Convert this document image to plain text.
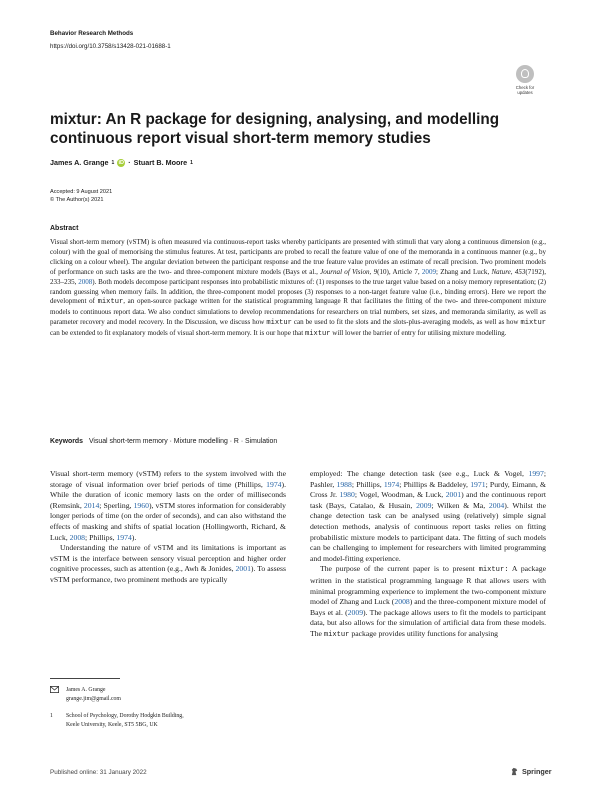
Behavior Research Methods
https://doi.org/10.3758/s13428-021-01688-1
Check for updates
mixtur: An R package for designing, analysing, and modelling continuous report visual short-term memory studies
James A. Grange 1 iD · Stuart B. Moore 1
Accepted: 9 August 2021
© The Author(s) 2021
Abstract
Visual short-term memory (vSTM) is often measured via continuous-report tasks whereby participants are presented with stimuli that vary along a continuous dimension (e.g., colour) with the goal of memorising the stimulus features. At test, participants are probed to recall the feature value of one of the memoranda in a continuous manner (e.g., by clicking on a colour wheel). The angular deviation between the participant response and the true feature value provides an estimate of recall precision. Two prominent models of performance on such tasks are the two- and three-component mixture models (Bays et al., Journal of Vision, 9(10), Article 7, 2009; Zhang and Luck, Nature, 453(7192), 233–235, 2008). Both models decompose participant responses into probabilistic mixtures of: (1) responses to the true target value based on a noisy memory representation; (2) random guessing when memory fails. In addition, the three-component model proposes (3) responses to a non-target feature value (i.e., binding errors). Here we report the development of mixtur, an open-source package written for the statistical programming language R that facilitates the fitting of the two- and three-component mixture models to continuous report data. We also conduct simulations to develop recommendations for researchers on trial numbers, set sizes, and memoranda similarity, as well as parameter recovery and model recovery. In the Discussion, we discuss how mixtur can be used to fit the slots and the slots-plus-averaging models, as well as how mixtur can be extended to fit explanatory models of visual short-term memory. It is our hope that mixtur will lower the barrier of entry for utilising mixture modelling.
Keywords Visual short-term memory · Mixture modelling · R · Simulation

Visual short-term memory (vSTM) refers to the system involved with the storage of visual information over brief periods of time (Phillips, 1974). While the duration of iconic memory lasts on the order of milliseconds (Remsink, 2014; Sperling, 1960), vSTM stores information for considerably longer periods of time (on the order of seconds), and can also withstand the effects of masking and shifts of spatial location (Hollingworth, Richard, & Luck, 2008; Phillips, 1974).

Understanding the nature of vSTM and its limitations is important as vSTM is the interface between sensory visual perception and higher order cognitive processes, such as attention (e.g., Awh & Jonides, 2001). To assess vSTM performance, two prominent methods are typically

employed: The change detection task (see e.g., Luck & Vogel, 1997; Pashler, 1988; Phillips, 1974; Phillips & Baddeley, 1971; Purdy, Eimann, & Cross Jr. 1980; Vogel, Woodman, & Luck, 2001) and the continuous report task (Bays, Catalao, & Husain, 2009; Wilken & Ma, 2004). Whilst the change detection task can be analysed using (relatively) simple signal detection methods, analysis of continuous report tasks relies on fitting probabilistic mixture models to participant data. The fitting of such models can be challenging to implement for researchers with limited programming and model-fitting experience.

The purpose of the current paper is to present mixtur: A package written in the statistical programming language R that allows users with minimal programming experience to implement the two-component mixture model of Zhang and Luck (2008) and the three-component mixture model of Bays et al. (2009). The package allows users to fit the models to participant data, but also allows for the simulation of artificial data from these models. The mixtur package provides utility functions for analysing

James A. Grange
grange.jim@gmail.com
1	School of Psychology, Dorothy Hodgkin Building,
Keele University, Keele, ST5 5BG, UK
Published online: 31 January 2022	Springer
